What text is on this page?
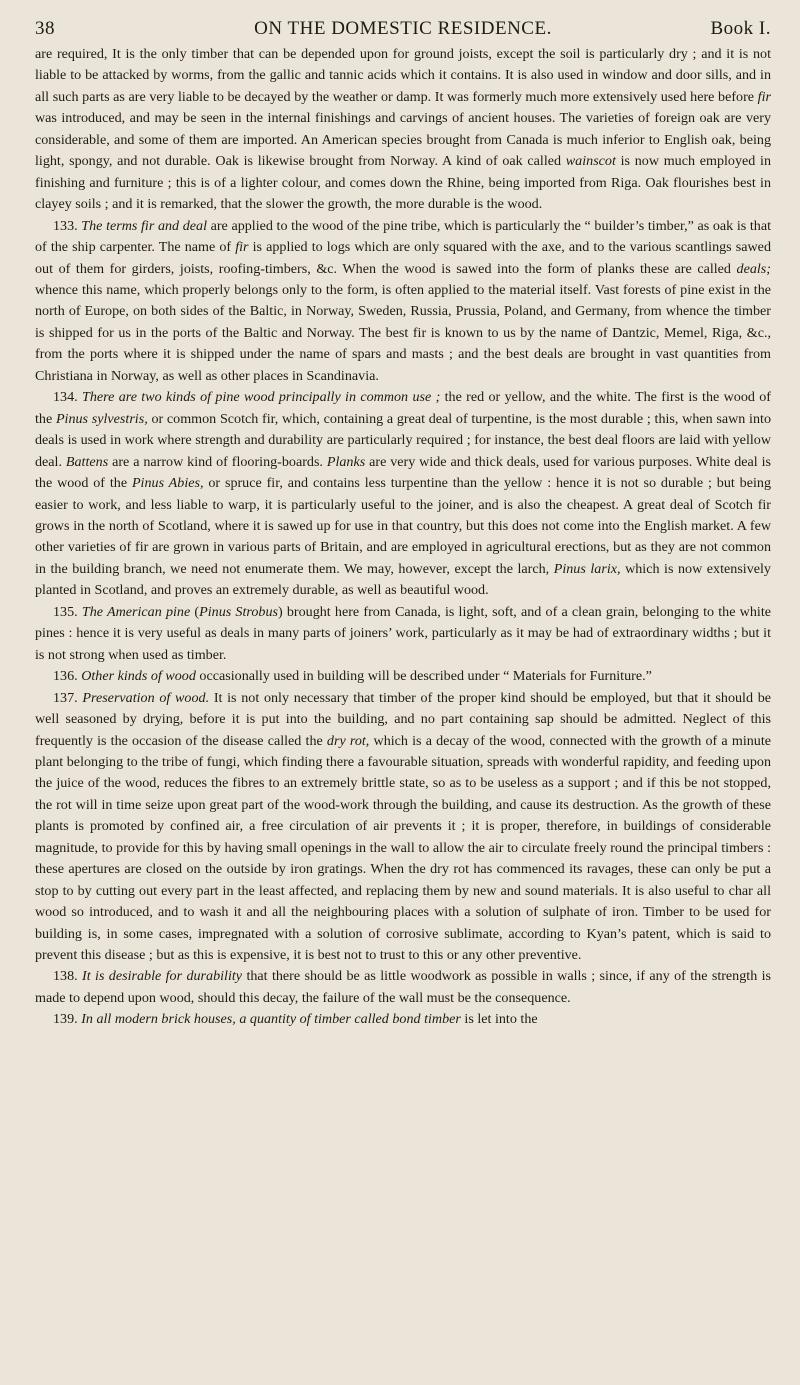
38	ON THE DOMESTIC RESIDENCE.	Book I.

are required, It is the only timber that can be depended upon for ground joists, except the soil is particularly dry ; and it is not liable to be attacked by worms, from the gallic and tannic acids which it contains. It is also used in window and door sills, and in all such parts as are very liable to be decayed by the weather or damp. It was formerly much more extensively used here before fir was introduced, and may be seen in the internal finishings and carvings of ancient houses. The varieties of foreign oak are very considerable, and some of them are imported. An American species brought from Canada is much inferior to English oak, being light, spongy, and not durable. Oak is likewise brought from Norway. A kind of oak called wainscot is now much employed in finishing and furniture ; this is of a lighter colour, and comes down the Rhine, being imported from Riga. Oak flourishes best in clayey soils ; and it is remarked, that the slower the growth, the more durable is the wood.

133. The terms fir and deal are applied to the wood of the pine tribe, which is particularly the “ builder’s timber,” as oak is that of the ship carpenter. The name of fir is applied to logs which are only squared with the axe, and to the various scantlings sawed out of them for girders, joists, roofing-timbers, &c. When the wood is sawed into the form of planks these are called deals; whence this name, which properly belongs only to the form, is often applied to the material itself. Vast forests of pine exist in the north of Europe, on both sides of the Baltic, in Norway, Sweden, Russia, Prussia, Poland, and Germany, from whence the timber is shipped for us in the ports of the Baltic and Norway. The best fir is known to us by the name of Dantzic, Memel, Riga, &c., from the ports where it is shipped under the name of spars and masts ; and the best deals are brought in vast quantities from Christiana in Norway, as well as other places in Scandinavia.

134. There are two kinds of pine wood principally in common use ; the red or yellow, and the white. The first is the wood of the Pinus sylvestris, or common Scotch fir, which, containing a great deal of turpentine, is the most durable ; this, when sawn into deals is used in work where strength and durability are particularly required ; for instance, the best deal floors are laid with yellow deal. Battens are a narrow kind of flooring-boards. Planks are very wide and thick deals, used for various purposes. White deal is the wood of the Pinus Abies, or spruce fir, and contains less turpentine than the yellow : hence it is not so durable ; but being easier to work, and less liable to warp, it is particularly useful to the joiner, and is also the cheapest. A great deal of Scotch fir grows in the north of Scotland, where it is sawed up for use in that country, but this does not come into the English market. A few other varieties of fir are grown in various parts of Britain, and are employed in agricultural erections, but as they are not common in the building branch, we need not enumerate them. We may, however, except the larch, Pinus larix, which is now extensively planted in Scotland, and proves an extremely durable, as well as beautiful wood.

135. The American pine (Pinus Strobus) brought here from Canada, is light, soft, and of a clean grain, belonging to the white pines : hence it is very useful as deals in many parts of joiners’ work, particularly as it may be had of extraordinary widths ; but it is not strong when used as timber.

136. Other kinds of wood occasionally used in building will be described under “ Materials for Furniture.”

137. Preservation of wood. It is not only necessary that timber of the proper kind should be employed, but that it should be well seasoned by drying, before it is put into the building, and no part containing sap should be admitted. Neglect of this frequently is the occasion of the disease called the dry rot, which is a decay of the wood, connected with the growth of a minute plant belonging to the tribe of fungi, which finding there a favourable situation, spreads with wonderful rapidity, and feeding upon the juice of the wood, reduces the fibres to an extremely brittle state, so as to be useless as a support ; and if this be not stopped, the rot will in time seize upon great part of the wood-work through the building, and cause its destruction. As the growth of these plants is promoted by confined air, a free circulation of air prevents it ; it is proper, therefore, in buildings of considerable magnitude, to provide for this by having small openings in the wall to allow the air to circulate freely round the principal timbers : these apertures are closed on the outside by iron gratings. When the dry rot has commenced its ravages, these can only be put a stop to by cutting out every part in the least affected, and replacing them by new and sound materials. It is also useful to char all wood so introduced, and to wash it and all the neighbouring places with a solution of sulphate of iron. Timber to be used for building is, in some cases, impregnated with a solution of corrosive sublimate, according to Kyan’s patent, which is said to prevent this disease ; but as this is expensive, it is best not to trust to this or any other preventive.

138. It is desirable for durability that there should be as little woodwork as possible in walls ; since, if any of the strength is made to depend upon wood, should this decay, the failure of the wall must be the consequence.

139. In all modern brick houses, a quantity of timber called bond timber is let into the
